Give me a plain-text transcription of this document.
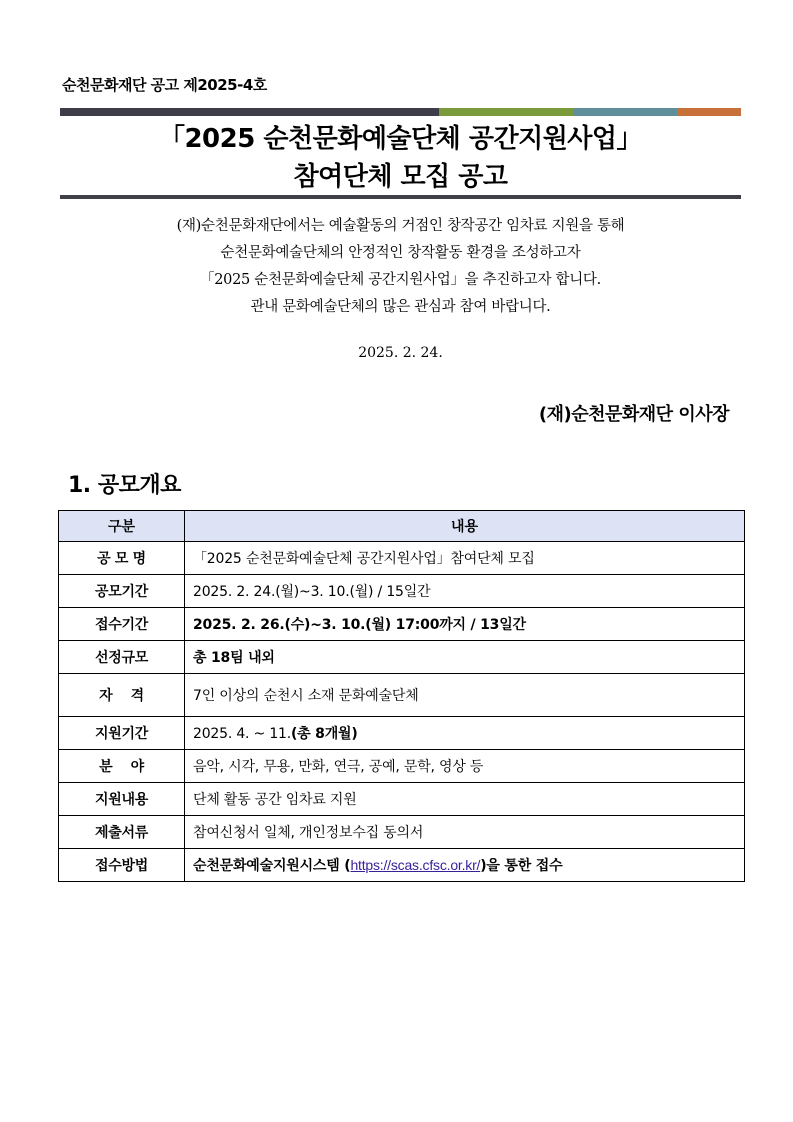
순천문화재단 공고 제2025-4호
「2025 순천문화예술단체 공간지원사업」
참여단체 모집 공고
(재)순천문화재단에서는 예술활동의 거점인 창작공간 임차료 지원을 통해
순천문화예술단체의 안정적인 창작활동 환경을 조성하고자
「2025 순천문화예술단체 공간지원사업」을 추진하고자 합니다.
관내 문화예술단체의 많은 관심과 참여 바랍니다.
2025. 2. 24.
(재)순천문화재단 이사장
1. 공모개요
구분	내용
공 모 명	「2025 순천문화예술단체 공간지원사업」참여단체 모집
공모기간	2025. 2. 24.(월)~3. 10.(월) / 15일간
접수기간	2025. 2. 26.(수)~3. 10.(월) 17:00까지 / 13일간
선정규모	총 18팀 내외
자    격	7인 이상의 순천시 소재 문화예술단체
지원기간	2025. 4. ~ 11.(총 8개월)
분    야	음악, 시각, 무용, 만화, 연극, 공예, 문학, 영상 등
지원내용	단체 활동 공간 임차료 지원
제출서류	참여신청서 일체, 개인정보수집 동의서
접수방법	순천문화예술지원시스템 (https://scas.cfsc.or.kr/)을 통한 접수
